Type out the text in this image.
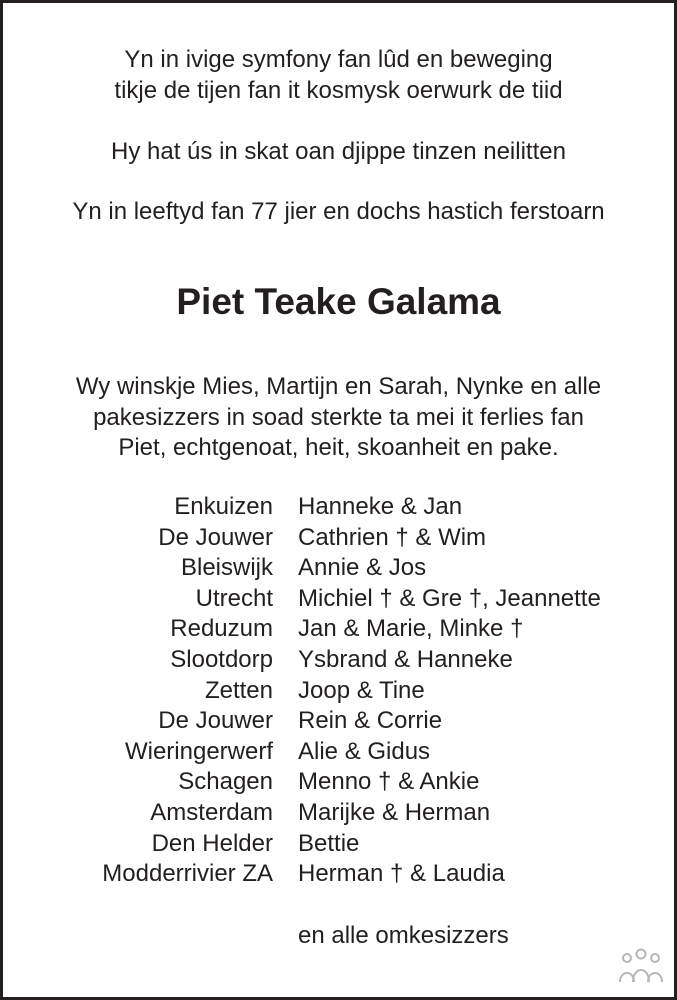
Yn in ivige symfony fan lûd en beweging
tikje de tijen fan it kosmysk oerwurk de tiid
Hy hat ús in skat oan djippe tinzen neilitten
Yn in leeftyd fan 77 jier en dochs hastich ferstoarn
Piet Teake Galama
Wy winskje Mies, Martijn en Sarah, Nynke en alle
pakesizzers in soad sterkte ta mei it ferlies fan
Piet, echtgenoat, heit, skoanheit en pake.
Enkuizen Hanneke & Jan
De Jouwer Cathrien † & Wim
Bleiswijk Annie & Jos
Utrecht Michiel † & Gre †, Jeannette
Reduzum Jan & Marie, Minke †
Slootdorp Ysbrand & Hanneke
Zetten Joop & Tine
De Jouwer Rein & Corrie
Wieringerwerf Alie & Gidus
Schagen Menno † & Ankie
Amsterdam Marijke & Herman
Den Helder Bettie
Modderrivier ZA Herman † & Laudia
en alle omkesizzers
